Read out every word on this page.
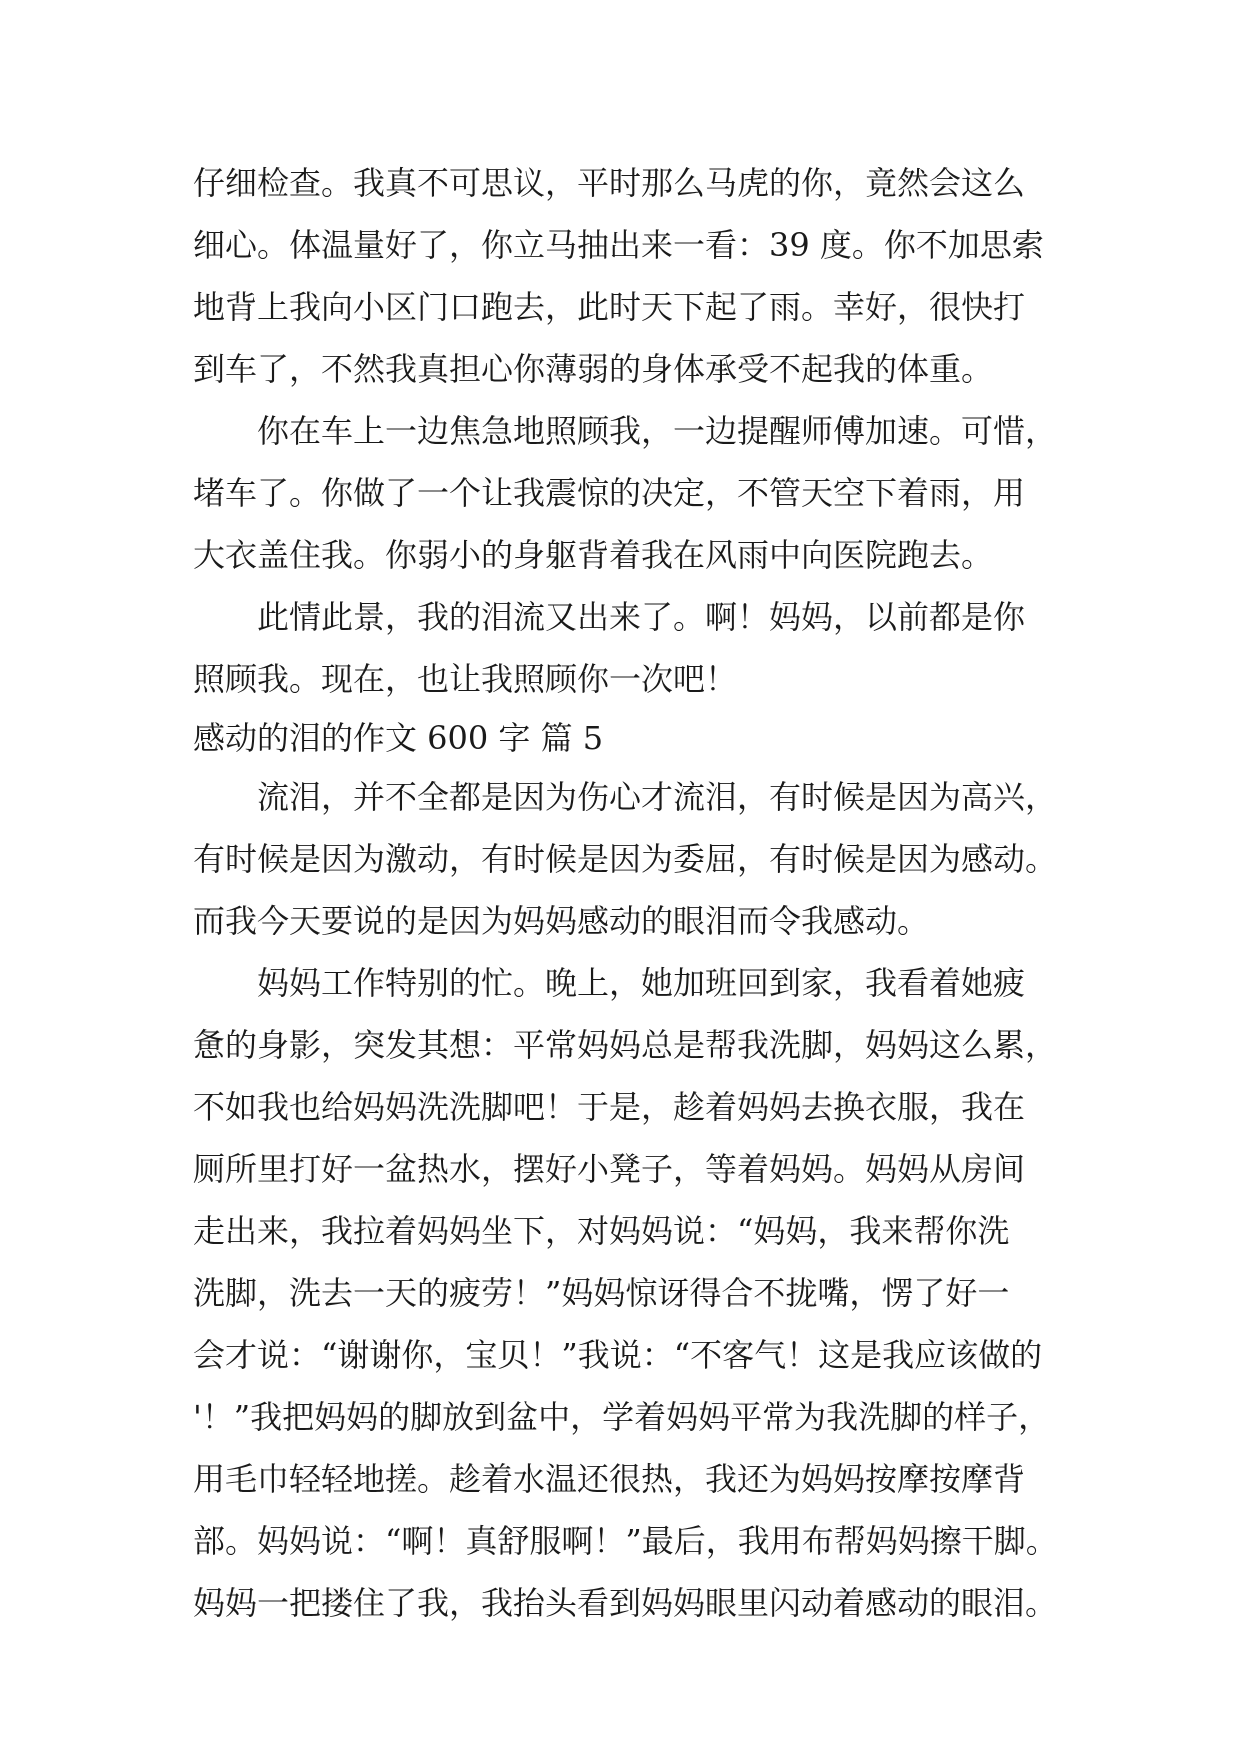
仔细检查。我真不可思议，平时那么马虎的你，竟然会这么
细心。体温量好了，你立马抽出来一看：39 度。你不加思索
地背上我向小区门口跑去，此时天下起了雨。幸好，很快打
到车了，不然我真担心你薄弱的身体承受不起我的体重。
你在车上一边焦急地照顾我，一边提醒师傅加速。可惜，
堵车了。你做了一个让我震惊的决定，不管天空下着雨，用
大衣盖住我。你弱小的身躯背着我在风雨中向医院跑去。
此情此景，我的泪流又出来了。啊！妈妈，以前都是你
照顾我。现在，也让我照顾你一次吧！
感动的泪的作文 600 字 篇 5
流泪，并不全都是因为伤心才流泪，有时候是因为高兴，
有时候是因为激动，有时候是因为委屈，有时候是因为感动。
而我今天要说的是因为妈妈感动的眼泪而令我感动。
妈妈工作特别的忙。晚上，她加班回到家，我看着她疲
惫的身影，突发其想：平常妈妈总是帮我洗脚，妈妈这么累，
不如我也给妈妈洗洗脚吧！于是，趁着妈妈去换衣服，我在
厕所里打好一盆热水，摆好小凳子，等着妈妈。妈妈从房间
走出来，我拉着妈妈坐下，对妈妈说：“妈妈，我来帮你洗
洗脚，洗去一天的疲劳！”妈妈惊讶得合不拢嘴，愣了好一
会才说：“谢谢你，宝贝！”我说：“不客气！这是我应该做的
'！”我把妈妈的脚放到盆中，学着妈妈平常为我洗脚的样子，
用毛巾轻轻地搓。趁着水温还很热，我还为妈妈按摩按摩背
部。妈妈说：“啊！真舒服啊！”最后，我用布帮妈妈擦干脚。
妈妈一把搂住了我，我抬头看到妈妈眼里闪动着感动的眼泪。
